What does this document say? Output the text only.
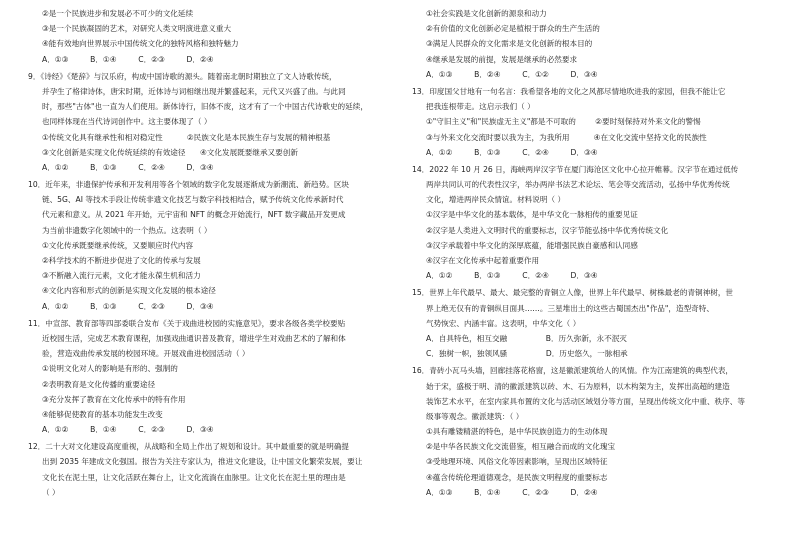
②是一个民族进步和发展必不可少的文化延续
③是一个民族凝固的艺术，对研究人类文明演进意义重大
④能有效地向世界展示中国传统文化的独特风格和独特魅力
A．①③         B．①④         C．②③         D．②④
9．《诗经》《楚辞》与汉乐府，构成中国诗歌的源头。随着南北朝时期独立了文人诗歌传统，
并孕生了格律诗体，唐宋时期，近体诗与词相继出现并繁盛起来，元代又兴盛了曲。与此同
时，那些"古体"也一直为人们使用。新体诗行，旧体不废，这才有了一个中国古代诗歌史的延续，
也同样体现在当代诗词创作中。这主要体现了（ ）
①传统文化具有继承性和相对稳定性          ②民族文化是本民族生存与发展的精神根基
③文化创新是实现文化传统延续的有效途径      ④文化发展既要继承又要创新
A．①②         B．①③         C．②④         D．③④
10．近年来，非遗保护传承和开发利用等各个领域的数字化发展逐渐成为新潮流、新趋势。区块
链、5G、AI 等技术手段让传统非遗文化技艺与数字科技相结合，赋予传统文化传承新时代
代元素和意义。从 2021 年开始，元宇宙和 NFT 的概念开始流行，NFT 数字藏品开发更成
为当前非遗数字化领域中的一个热点。这表明（ ）
①文化传承既要继承传统，又要顺应时代内容
②科学技术的不断进步促进了文化的传承与发展
③不断融入流行元素，文化才能永葆生机和活力
④文化内容和形式的创新是实现文化发展的根本途径
A．①②         B．①③         C．②③         D．③④
11．中宣部、教育部等四部委联合发布《关于戏曲进校园的实施意见》，要求各级各类学校要贴
近校园生活，完成艺术教育课程，加强戏曲通识普及教育，增进学生对戏曲艺术的了解和体
验，营造戏曲传承发展的校园环境。开展戏曲进校园活动（ ）
①说明文化对人的影响是有形的、强制的
②表明教育是文化传播的重要途径
③充分发挥了教育在文化传承中的特有作用
④能够促使教育的基本功能发生改变
A．①②         B．①④         C．②③         D．③④
12．二十大对文化建设高度重视，从战略和全局上作出了规划和设计。其中最重要的就是明确提
出到 2035 年建成文化强国。报告为关注专家认为，推进文化建设，让中国文化繁荣发展，要让
文化长在泥土里，让文化活跃在舞台上，让文化流淌在血脉里。让文化长在泥土里的理由是
（ ）
①社会实践是文化创新的源泉和动力
②有价值的文化创新必定是植根于群众的生产生活的
③满足人民群众的文化需求是文化创新的根本目的
④继承是发展的前提，发展是继承的必然要求
A．①③         B．②④         C．①②         D．③④
13．印度国父甘地有一句名言：我希望各地的文化之风都尽情地吹进我的家园，但我不能让它
把我连根带走。这启示我们（ ）
①"守旧主义"和"民族虚无主义"都是不可取的        ②要时刻保持对外来文化的警惕
③与外来文化交流时要以我为主，为我所用          ④在文化交流中坚持文化的民族性
A．①②         B．①③         C．②④         D．③④
14．2022 年 10 月 26 日，海峡两岸汉字节在厦门海沧区文化中心拉开帷幕。汉字节在通过低传
两岸共同认可的代表性汉字，举办两岸书法艺术论坛、笔会等交流活动，弘扬中华优秀传统
文化，增进两岸民众情谊。材料说明（ ）
①汉字是中华文化的基本载体，是中华文化一脉相传的重要见证
②汉字是人类进入文明时代的重要标志，汉字节能弘扬中华优秀传统文化
③汉字承载着中华文化的深厚底蕴，能增强民族自豪感和认同感
④汉字在文化传承中起着重要作用
A．①②         B．①③         C．②④         D．③④
15．世界上年代最早、最大、最完整的青铜立人像，世界上年代最早、树株最老的青铜神树，世
界上绝无仅有的青铜纵目面具……。三星堆出土的这些古蜀国杰出"作品"，造型奇特、
气势恢宏、内涵丰富。这表明，中华文化（ ）
A．自具特色，相互交融                B．历久弥新，永不泯灭
C．独树一帜，独领风骚                D．历史悠久，一脉相承
16．青砖小瓦马头墙，回廊挂落花格窗，这是徽派建筑给人的风情。作为江南建筑的典型代表，
始于宋，盛极于明、清的徽派建筑以砖、木、石为原料，以木构架为主，发挥出高超的建造
装饰艺术水平，在室内家具布置的文化与活动区域划分等方面，呈现出传统文化中重、秩序、等
级事等观念。徽派建筑：（ ）
①具有雕镂精湛的特色，是中华民族创造力的生动体现
②是中华各民族文化交流借鉴，相互融合而成的文化瑰宝
③受地理环境、风俗文化等因素影响，呈现出区域特征
④蕴含传统伦理道德观念，是民族文明程度的重要标志
A．①③         B．①④         C．②③         D．②④
